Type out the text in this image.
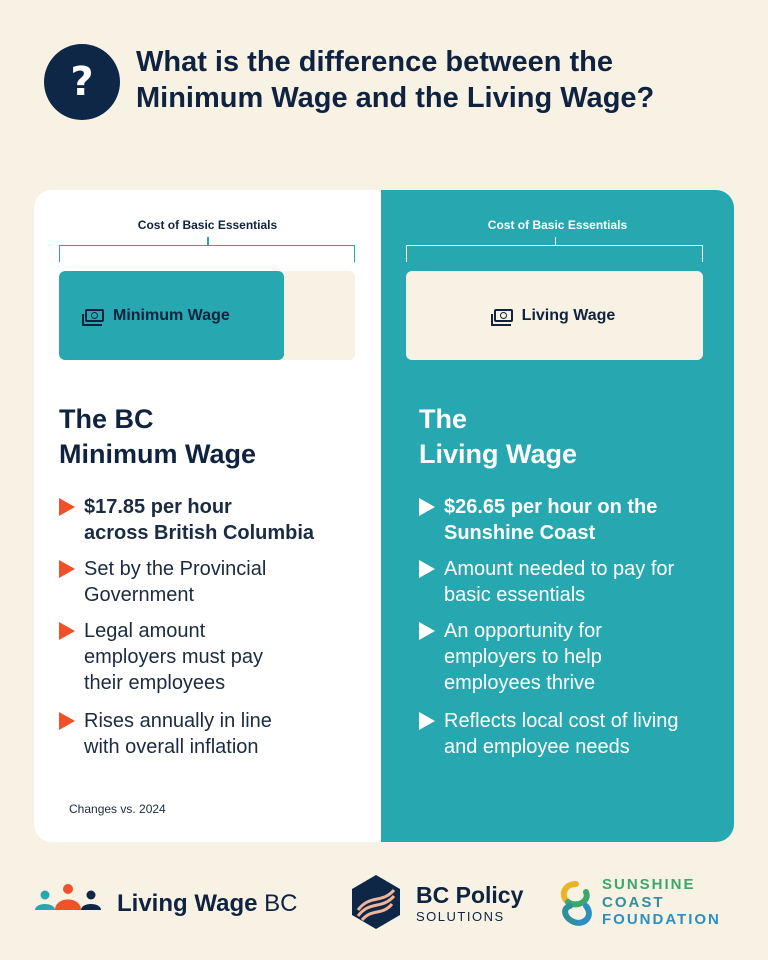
?	What is the difference between the
Minimum Wage and the Living Wage?
Cost of Basic Essentials
Minimum Wage
The BC
Minimum Wage
$17.85 per hour
across British Columbia
Set by the Provincial
Government
Legal amount
employers must pay
their employees
Rises annually in line
with overall inflation
Changes vs. 2024
Cost of Basic Essentials
Living Wage
The
Living Wage
$26.65 per hour on the
Sunshine Coast
Amount needed to pay for
basic essentials
An opportunity for
employers to help
employees thrive
Reflects local cost of living
and employee needs
Living Wage BC	BC Policy
SOLUTIONS
SUNSHINE
COAST
FOUNDATION
